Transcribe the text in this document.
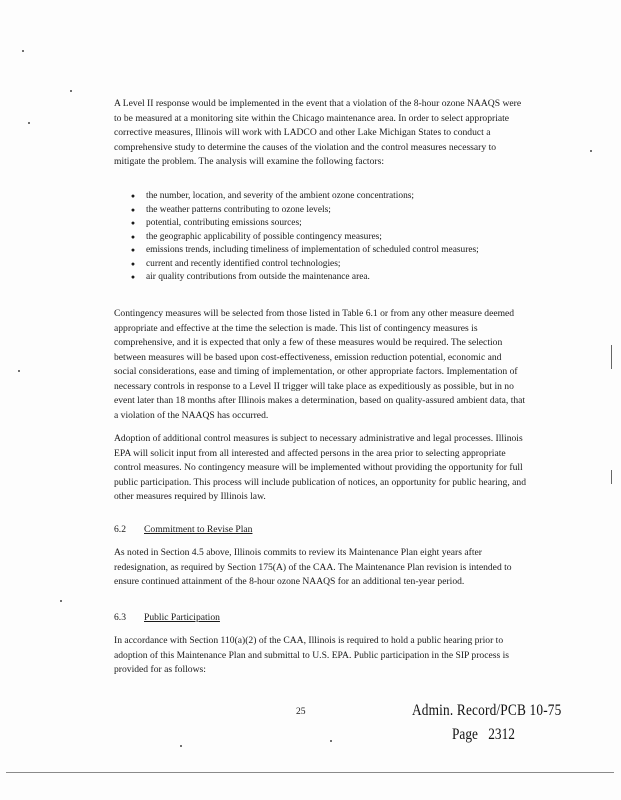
A Level II response would be implemented in the event that a violation of the 8-hour ozone NAAQS were to be measured at a monitoring site within the Chicago maintenance area. In order to select appropriate corrective measures, Illinois will work with LADCO and other Lake Michigan States to conduct a comprehensive study to determine the causes of the violation and the control measures necessary to mitigate the problem. The analysis will examine the following factors:

●	the number, location, and severity of the ambient ozone concentrations;
●	the weather patterns contributing to ozone levels;
●	potential, contributing emissions sources;
●	the geographic applicability of possible contingency measures;
●	emissions trends, including timeliness of implementation of scheduled control measures;
●	current and recently identified control technologies;
●	air quality contributions from outside the maintenance area.

Contingency measures will be selected from those listed in Table 6.1 or from any other measure deemed appropriate and effective at the time the selection is made. This list of contingency measures is comprehensive, and it is expected that only a few of these measures would be required. The selection between measures will be based upon cost-effectiveness, emission reduction potential, economic and social considerations, ease and timing of implementation, or other appropriate factors. Implementation of necessary controls in response to a Level II trigger will take place as expeditiously as possible, but in no event later than 18 months after Illinois makes a determination, based on quality-assured ambient data, that a violation of the NAAQS has occurred.

Adoption of additional control measures is subject to necessary administrative and legal processes. Illinois EPA will solicit input from all interested and affected persons in the area prior to selecting appropriate control measures. No contingency measure will be implemented without providing the opportunity for full public participation. This process will include publication of notices, an opportunity for public hearing, and other measures required by Illinois law.

6.2 Commitment to Revise Plan

As noted in Section 4.5 above, Illinois commits to review its Maintenance Plan eight years after redesignation, as required by Section 175(A) of the CAA. The Maintenance Plan revision is intended to ensure continued attainment of the 8-hour ozone NAAQS for an additional ten-year period.

6.3 Public Participation

In accordance with Section 110(a)(2) of the CAA, Illinois is required to hold a public hearing prior to adoption of this Maintenance Plan and submittal to U.S. EPA. Public participation in the SIP process is provided for as follows:

25	Admin. Record/PCB 10-75
Page 2312
